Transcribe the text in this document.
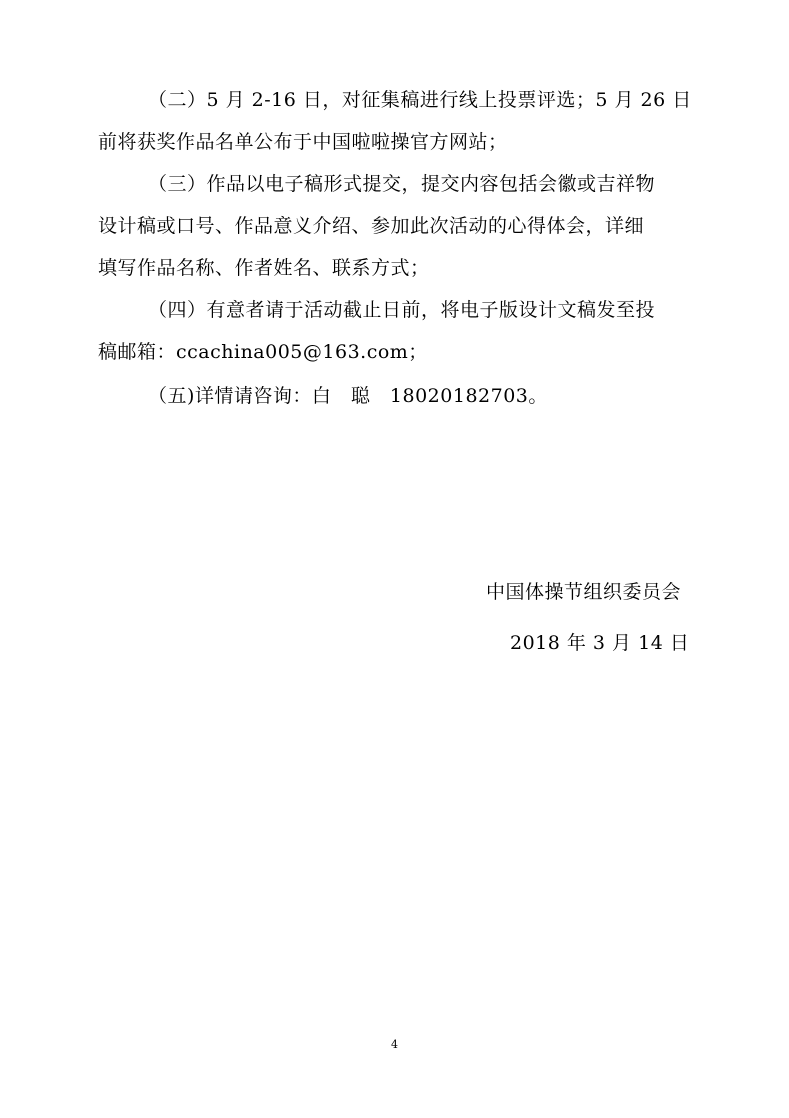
（二）5 月 2-16 日，对征集稿进行线上投票评选；5 月 26 日
前将获奖作品名单公布于中国啦啦操官方网站；
（三）作品以电子稿形式提交，提交内容包括会徽或吉祥物
设计稿或口号、作品意义介绍、参加此次活动的心得体会，详细
填写作品名称、作者姓名、联系方式；
（四）有意者请于活动截止日前，将电子版设计文稿发至投
稿邮箱：ccachina005@163.com；
（五)详情请咨询：白　聪　18020182703。
中国体操节组织委员会
2018 年 3 月 14 日
4
